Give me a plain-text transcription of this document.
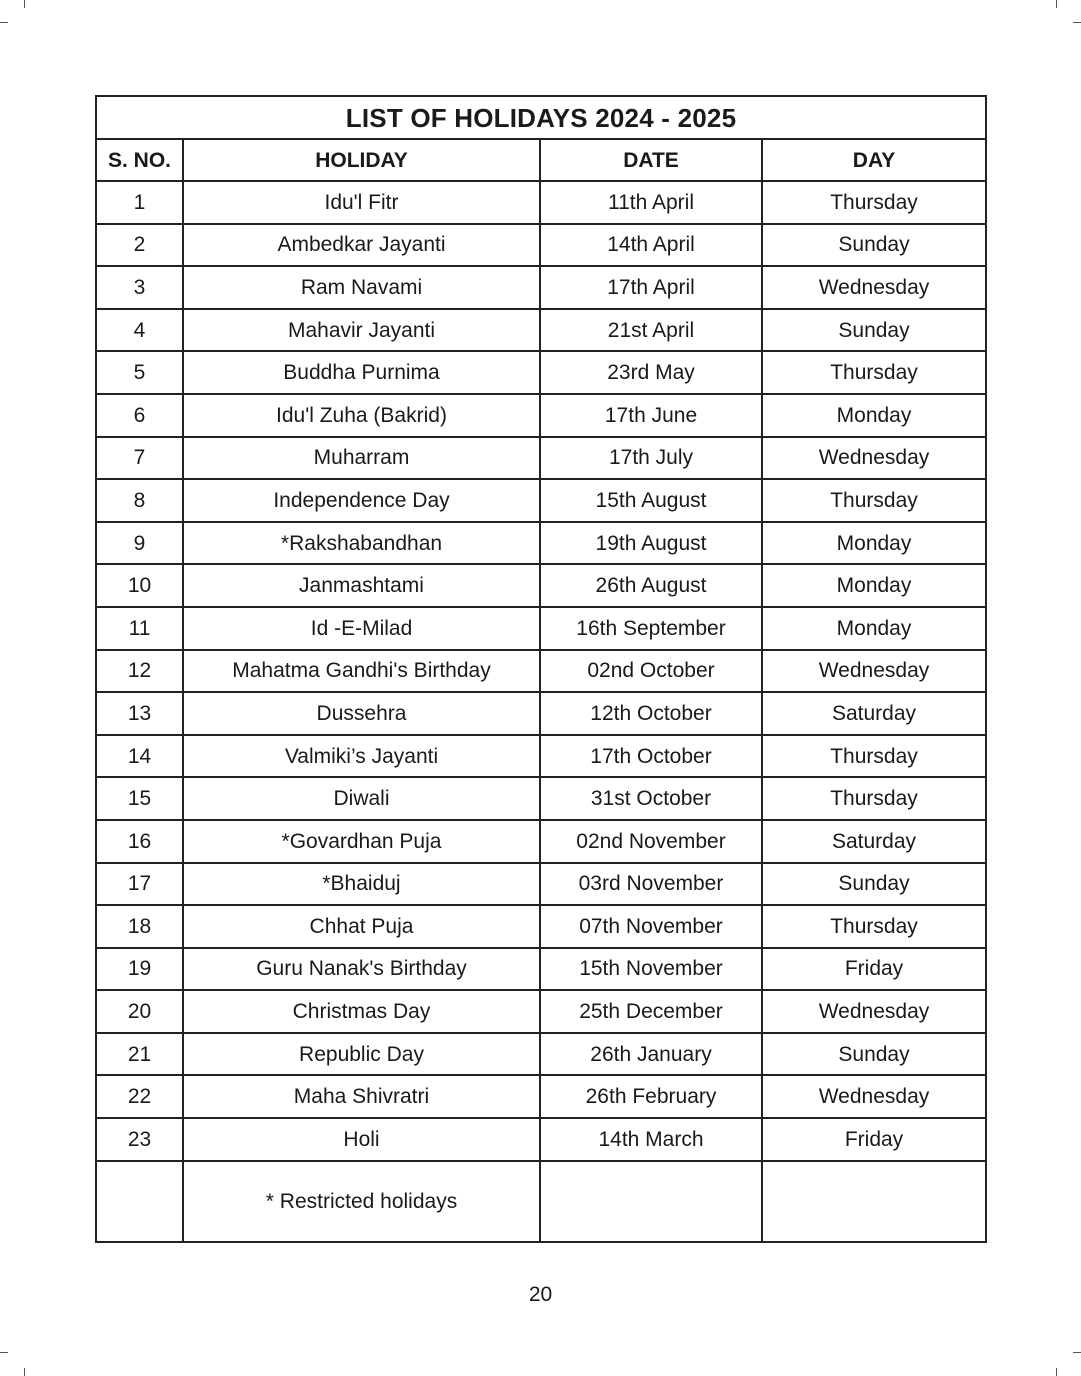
LIST OF HOLIDAYS 2024 - 2025			
S. NO.	HOLIDAY	DATE	DAY
1	Idu'l Fitr	11th April	Thursday
2	Ambedkar Jayanti	14th April	Sunday
3	Ram Navami	17th April	Wednesday
4	Mahavir Jayanti	21st April	Sunday
5	Buddha Purnima	23rd May	Thursday
6	Idu'l Zuha (Bakrid)	17th June	Monday
7	Muharram	17th July	Wednesday
8	Independence Day	15th August	Thursday
9	*Rakshabandhan	19th August	Monday
10	Janmashtami	26th August	Monday
11	Id -E-Milad	16th September	Monday
12	Mahatma Gandhi's Birthday	02nd October	Wednesday
13	Dussehra	12th October	Saturday
14	Valmiki’s Jayanti	17th October	Thursday
15	Diwali	31st October	Thursday
16	*Govardhan Puja	02nd November	Saturday
17	*Bhaiduj	03rd November	Sunday
18	Chhat Puja	07th November	Thursday
19	Guru Nanak's Birthday	15th November	Friday
20	Christmas Day	25th December	Wednesday
21	Republic Day	26th January	Sunday
22	Maha Shivratri	26th February	Wednesday
23	Holi	14th March	Friday
	* Restricted holidays		
20
